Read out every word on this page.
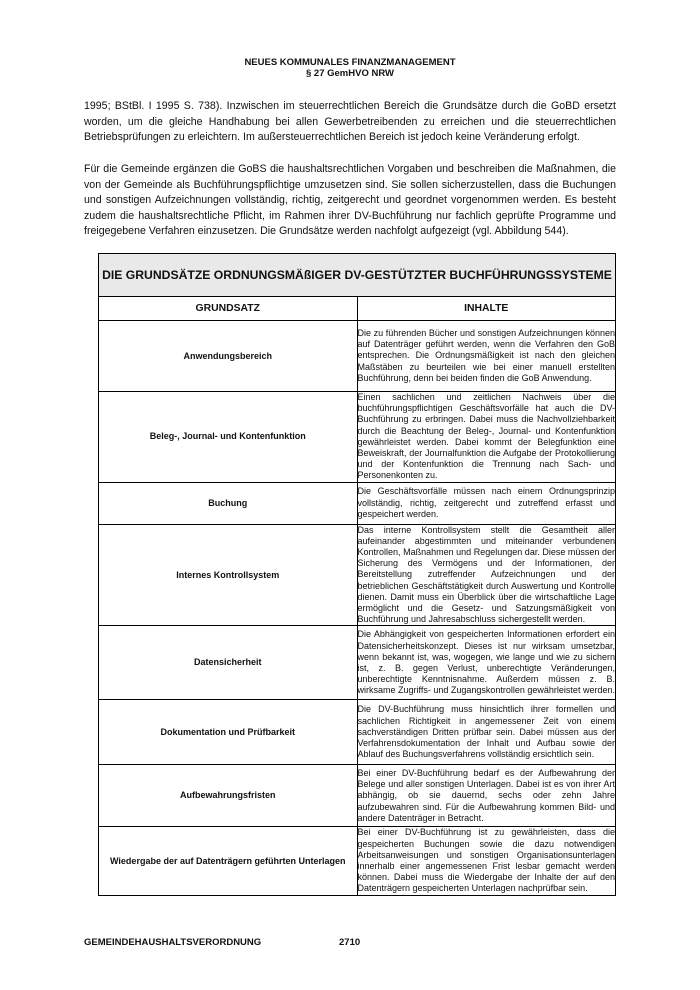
NEUES KOMMUNALES FINANZMANAGEMENT
§ 27 GemHVO NRW

1995; BStBl. I 1995 S. 738). Inzwischen im steuerrechtlichen Bereich die Grundsätze durch die GoBD ersetzt worden, um die gleiche Handhabung bei allen Gewerbetreibenden zu erreichen und die steuerrechtlichen Betriebsprüfungen zu erleichtern. Im außersteuerrechtlichen Bereich ist jedoch keine Veränderung erfolgt.

Für die Gemeinde ergänzen die GoBS die haushaltsrechtlichen Vorgaben und beschreiben die Maßnahmen, die von der Gemeinde als Buchführungspflichtige umzusetzen sind. Sie sollen sicherzustellen, dass die Buchungen und sonstigen Aufzeichnungen vollständig, richtig, zeitgerecht und geordnet vorgenommen werden. Es besteht zudem die haushaltsrechtliche Pflicht, im Rahmen ihrer DV-Buchführung nur fachlich geprüfte Programme und freigegebene Verfahren einzusetzen. Die Grundsätze werden nachfolgt aufgezeigt (vgl. Abbildung 544).

DIE GRUNDSÄTZE ORDNUNGSMÄßIGER DV-GESTÜTZTER BUCHFÜHRUNGSSYSTEME	
GRUNDSATZ	INHALTE
Anwendungsbereich	Die zu führenden Bücher und sonstigen Aufzeichnungen können auf Datenträger geführt werden, wenn die Verfahren den GoB entsprechen. Die Ordnungsmäßigkeit ist nach den gleichen Maßstäben zu beurteilen wie bei einer manuell erstellten Buchführung, denn bei beiden finden die GoB Anwendung.
Beleg-, Journal- und Kontenfunktion	Einen sachlichen und zeitlichen Nachweis über die buchführungspflichtigen Geschäftsvorfälle hat auch die DV-Buchführung zu erbringen. Dabei muss die Nachvollziehbarkeit durch die Beachtung der Beleg-, Journal- und Kontenfunktion gewährleistet werden. Dabei kommt der Belegfunktion eine Beweiskraft, der Journalfunktion die Aufgabe der Protokollierung und der Kontenfunktion die Trennung nach Sach- und Personenkonten zu.
Buchung	Die Geschäftsvorfälle müssen nach einem Ordnungsprinzip vollständig, richtig, zeitgerecht und zutreffend erfasst und gespeichert werden.
Internes Kontrollsystem	Das interne Kontrollsystem stellt die Gesamtheit aller aufeinander abgestimmten und miteinander verbundenen Kontrollen, Maßnahmen und Regelungen dar. Diese müssen der Sicherung des Vermögens und der Informationen, der Bereitstellung zutreffender Aufzeichnungen und der betrieblichen Geschäftstätigkeit durch Auswertung und Kontrolle dienen. Damit muss ein Überblick über die wirtschaftliche Lage ermöglicht und die Gesetz- und Satzungsmäßigkeit von Buchführung und Jahresabschluss sichergestellt werden.
Datensicherheit	Die Abhängigkeit von gespeicherten Informationen erfordert ein Datensicherheitskonzept. Dieses ist nur wirksam umsetzbar, wenn bekannt ist, was, wogegen, wie lange und wie zu sichern ist, z. B. gegen Verlust, unberechtigte Veränderungen, unberechtigte Kenntnisnahme. Außerdem müssen z. B. wirksame Zugriffs- und Zugangskontrollen gewährleistet werden.
Dokumentation und Prüfbarkeit	Die DV-Buchführung muss hinsichtlich ihrer formellen und sachlichen Richtigkeit in angemessener Zeit von einem sachverständigen Dritten prüfbar sein. Dabei müssen aus der Verfahrensdokumentation der Inhalt und Aufbau sowie der Ablauf des Buchungsverfahrens vollständig ersichtlich sein.
Aufbewahrungsfristen	Bei einer DV-Buchführung bedarf es der Aufbewahrung der Belege und aller sonstigen Unterlagen. Dabei ist es von ihrer Art abhängig, ob sie dauernd, sechs oder zehn Jahre aufzubewahren sind. Für die Aufbewahrung kommen Bild- und andere Datenträger in Betracht.
Wiedergabe der auf Datenträgern geführten Unterlagen	Bei einer DV-Buchführung ist zu gewährleisten, dass die gespeicherten Buchungen sowie die dazu notwendigen Arbeitsanweisungen und sonstigen Organisationsunterlagen innerhalb einer angemessenen Frist lesbar gemacht werden können. Dabei muss die Wiedergabe der Inhalte der auf den Datenträgern gespeicherten Unterlagen nachprüfbar sein.
GEMEINDEHAUSHALTSVERORDNUNG	2710
